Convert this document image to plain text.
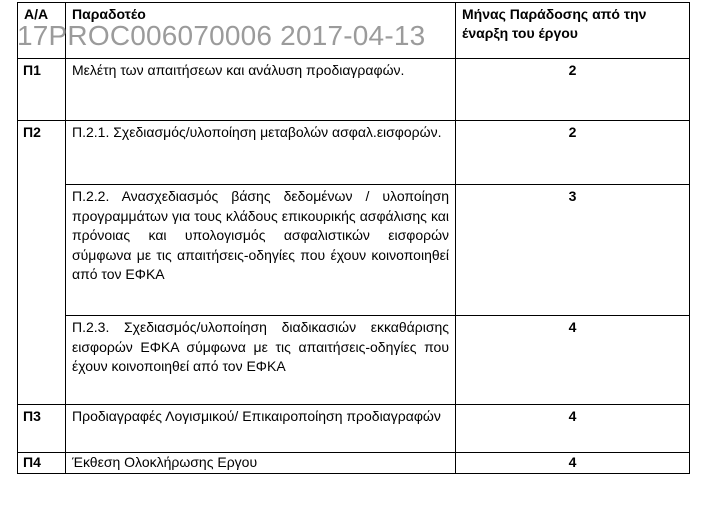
Α/Α	Παραδοτέο	Μήνας Παράδοσης από την έναρξη του έργου
Π1	Μελέτη των απαιτήσεων και ανάλυση προδιαγραφών.	2
Π2	Π.2.1. Σχεδιασμός/υλοποίηση μεταβολών ασφαλ.εισφορών.	2
	Π.2.2. Ανασχεδιασμός βάσης δεδομένων / υλοποίηση προγραμμάτων για τους κλάδους επικουρικής ασφάλισης και πρόνοιας και υπολογισμός ασφαλιστικών εισφορών σύμφωνα με τις απαιτήσεις-οδηγίες που έχουν κοινοποιηθεί από τον ΕΦΚΑ	3
	Π.2.3. Σχεδιασμός/υλοποίηση διαδικασιών εκκαθάρισης εισφορών ΕΦΚΑ σύμφωνα με τις απαιτήσεις-οδηγίες που έχουν κοινοποιηθεί από τον ΕΦΚΑ	4
Π3	Προδιαγραφές Λογισμικού/ Επικαιροποίηση προδιαγραφών	4
Π4	Έκθεση Ολοκλήρωσης Εργου	4
17PROC006070006 2017-04-13
